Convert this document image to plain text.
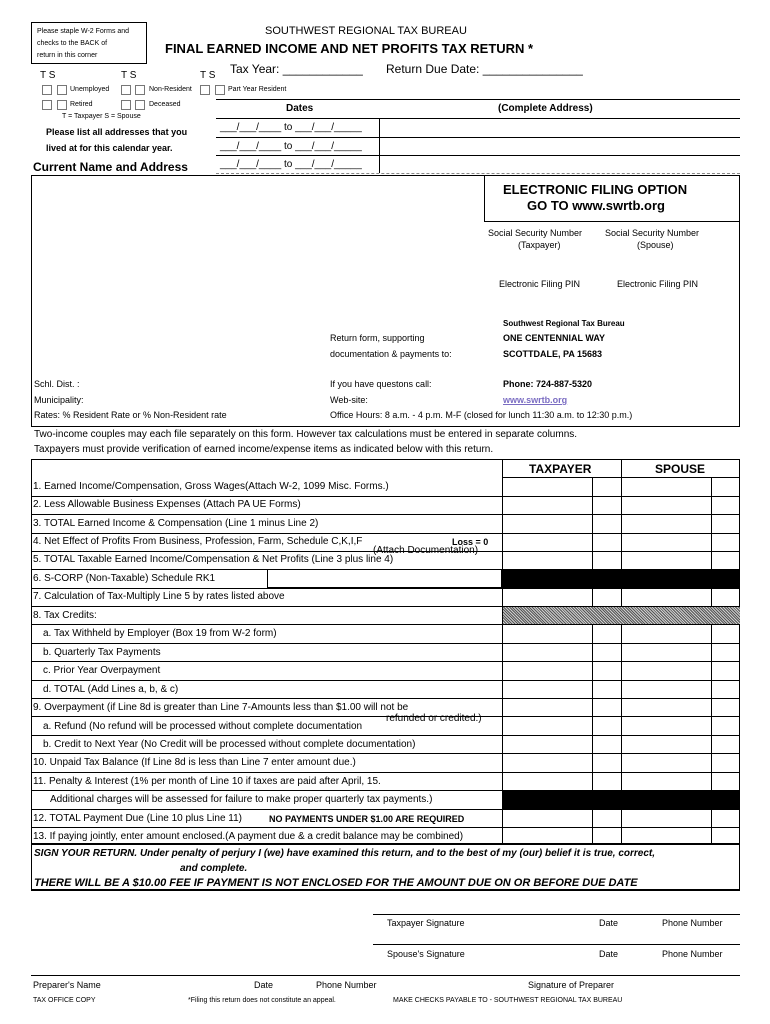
Please staple W-2 Forms and
checks to the BACK of
return in this corner
SOUTHWEST REGIONAL TAX BUREAU
FINAL EARNED INCOME AND NET PROFITS TAX RETURN *
Tax Year: ____________ Return Due Date: _______________
T S	T S	T S
Unemployed	Non-Resident	Part Year Resident
Retired	Deceased
T = Taxpayer S = Spouse
Dates	(Complete Address)
___/___/____ to ___/___/_____
___/___/____ to ___/___/_____
___/___/____ to ___/___/_____
Please list all addresses that you
lived at for this calendar year.
Current Name and Address
ELECTRONIC FILING OPTION
GO TO www.swrtb.org
Social Security Number
(Taxpayer)
Social Security Number
(Spouse)
Electronic Filing PIN	Electronic Filing PIN
Return form, supporting
documentation & payments to:
Southwest Regional Tax Bureau
ONE CENTENNIAL WAY
SCOTTDALE, PA 15683
Schl. Dist. :
Municipality:
Rates: % Resident Rate or % Non-Resident rate
If you have questons call:	Phone: 724-887-5320
Web-site:	www.swrtb.org
Office Hours: 8 a.m. - 4 p.m. M-F (closed for lunch 11:30 a.m. to 12:30 p.m.)
Two-income couples may each file separately on this form. However tax calculations must be entered in separate columns.
Taxpayers must provide verification of earned income/expense items as indicated below with this return.
TAXPAYER	SPOUSE
1. Earned Income/Compensation, Gross Wages(Attach W-2, 1099 Misc. Forms.)
2. Less Allowable Business Expenses (Attach PA UE Forms)
3. TOTAL Earned Income & Compensation (Line 1 minus Line 2)
4. Net Effect of Profits From Business, Profession, Farm, Schedule C,K,I,F	Loss = 0
(Attach Documentation)
5. TOTAL Taxable Earned Income/Compensation & Net Profits (Line 3 plus line 4)
6. S-CORP (Non-Taxable) Schedule RK1
7. Calculation of Tax-Multiply Line 5 by rates listed above
8. Tax Credits:
a. Tax Withheld by Employer (Box 19 from W-2 form)
b. Quarterly Tax Payments
c. Prior Year Overpayment
d. TOTAL (Add Lines a, b, & c)
9. Overpayment (if Line 8d is greater than Line 7-Amounts less than $1.00 will not be
refunded or credited.)
a. Refund (No refund will be processed without complete documentation
b. Credit to Next Year (No Credit will be processed without complete documentation)
10. Unpaid Tax Balance (If Line 8d is less than Line 7 enter amount due.)
11. Penalty & Interest (1% per month of Line 10 if taxes are paid after April, 15.
Additional charges will be assessed for failure to make proper quarterly tax payments.)
12. TOTAL Payment Due (Line 10 plus Line 11)	NO PAYMENTS UNDER $1.00 ARE REQUIRED
13. If paying jointly, enter amount enclosed.(A payment due & a credit balance may be combined)
SIGN YOUR RETURN. Under penalty of perjury I (we) have examined this return, and to the best of my (our) belief it is true, correct,
and complete.
THERE WILL BE A $10.00 FEE IF PAYMENT IS NOT ENCLOSED FOR THE AMOUNT DUE ON OR BEFORE DUE DATE
Taxpayer Signature	Date	Phone Number
Spouse's Signature	Date	Phone Number
Preparer's Name	Date	Phone Number	Signature of Preparer
TAX OFFICE COPY	*Filing this return does not constitute an appeal.	MAKE CHECKS PAYABLE TO - SOUTHWEST REGIONAL TAX BUREAU
